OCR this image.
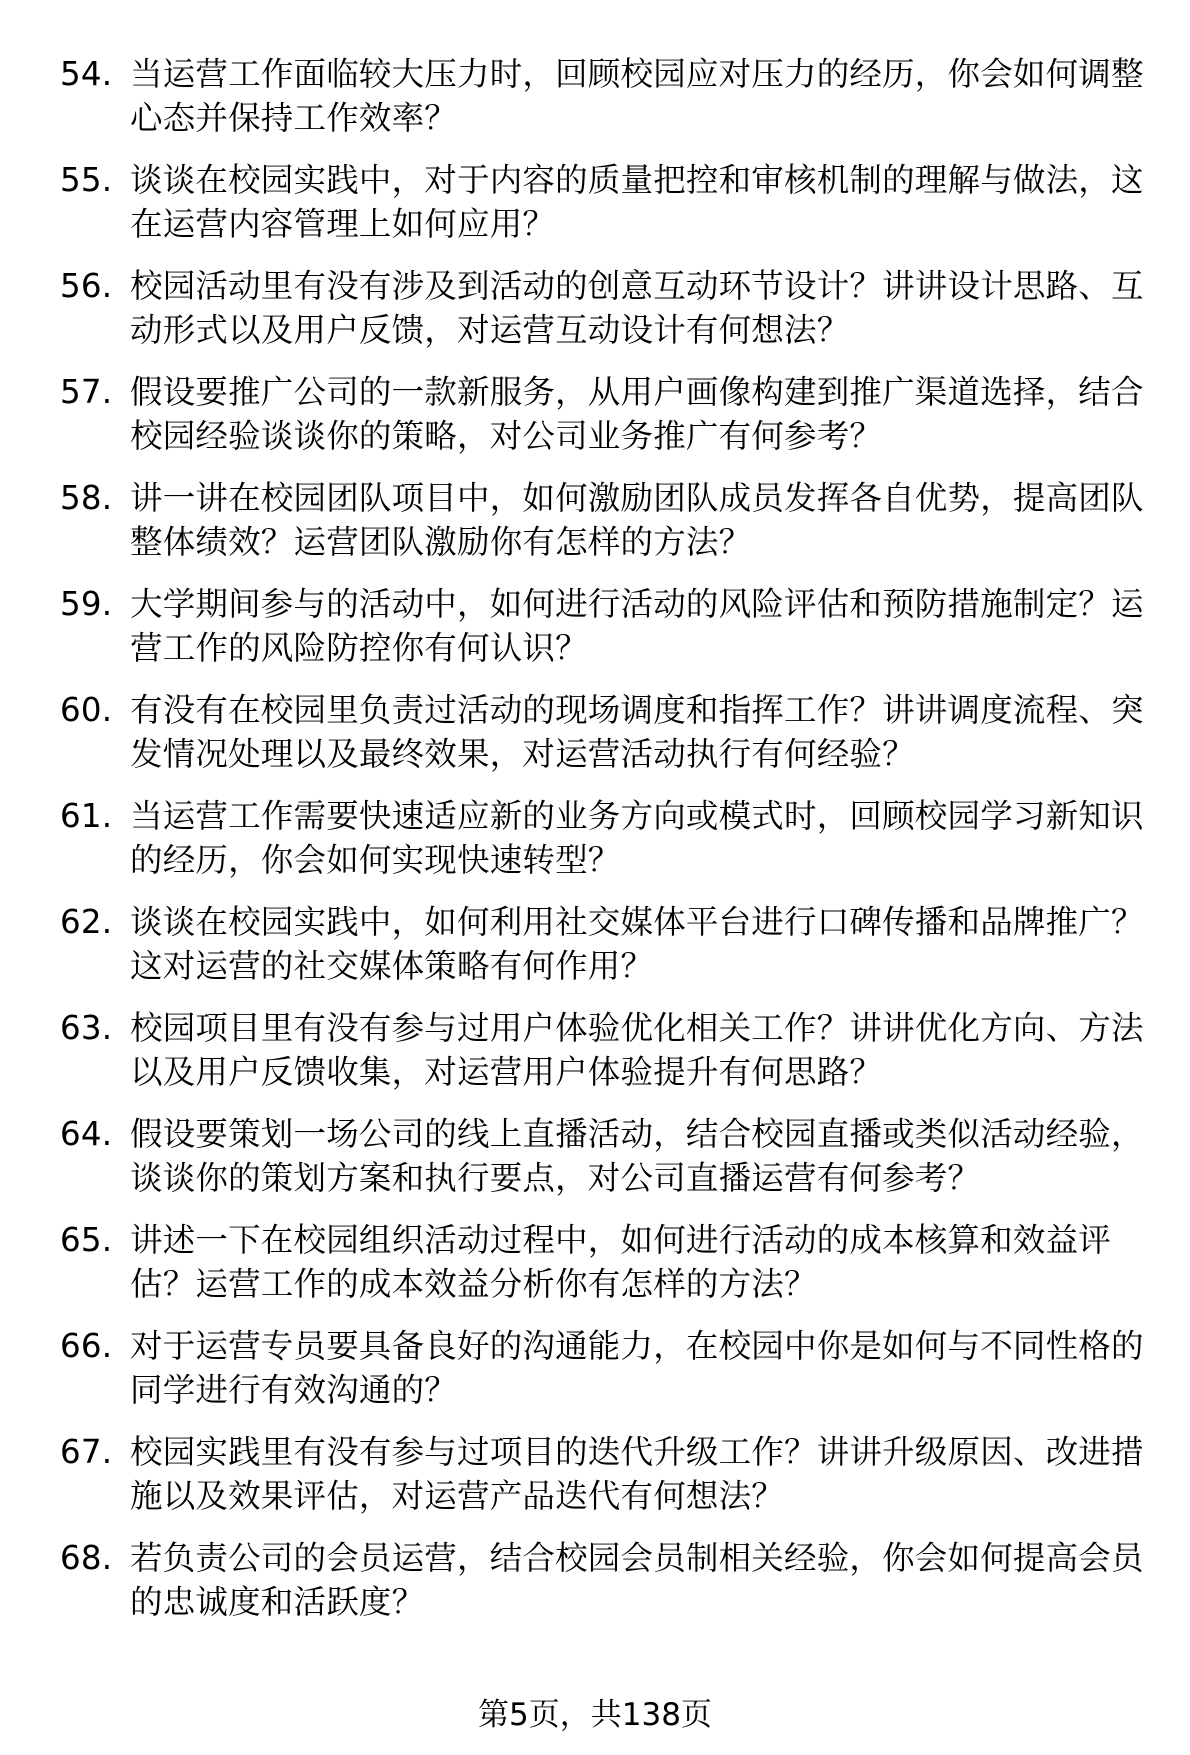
54. 当运营工作面临较大压力时，回顾校园应对压力的经历，你会如何调整心态并保持工作效率？
55. 谈谈在校园实践中，对于内容的质量把控和审核机制的理解与做法，这在运营内容管理上如何应用？
56. 校园活动里有没有涉及到活动的创意互动环节设计？讲讲设计思路、互动形式以及用户反馈，对运营互动设计有何想法？
57. 假设要推广公司的一款新服务，从用户画像构建到推广渠道选择，结合校园经验谈谈你的策略，对公司业务推广有何参考？
58. 讲一讲在校园团队项目中，如何激励团队成员发挥各自优势，提高团队整体绩效？运营团队激励你有怎样的方法？
59. 大学期间参与的活动中，如何进行活动的风险评估和预防措施制定？运营工作的风险防控你有何认识？
60. 有没有在校园里负责过活动的现场调度和指挥工作？讲讲调度流程、突发情况处理以及最终效果，对运营活动执行有何经验？
61. 当运营工作需要快速适应新的业务方向或模式时，回顾校园学习新知识的经历，你会如何实现快速转型？
62. 谈谈在校园实践中，如何利用社交媒体平台进行口碑传播和品牌推广？这对运营的社交媒体策略有何作用？
63. 校园项目里有没有参与过用户体验优化相关工作？讲讲优化方向、方法以及用户反馈收集，对运营用户体验提升有何思路？
64. 假设要策划一场公司的线上直播活动，结合校园直播或类似活动经验，谈谈你的策划方案和执行要点，对公司直播运营有何参考？
65. 讲述一下在校园组织活动过程中，如何进行活动的成本核算和效益评估？运营工作的成本效益分析你有怎样的方法？
66. 对于运营专员要具备良好的沟通能力，在校园中你是如何与不同性格的同学进行有效沟通的？
67. 校园实践里有没有参与过项目的迭代升级工作？讲讲升级原因、改进措施以及效果评估，对运营产品迭代有何想法？
68. 若负责公司的会员运营，结合校园会员制相关经验，你会如何提高会员的忠诚度和活跃度？
第5页，共138页
